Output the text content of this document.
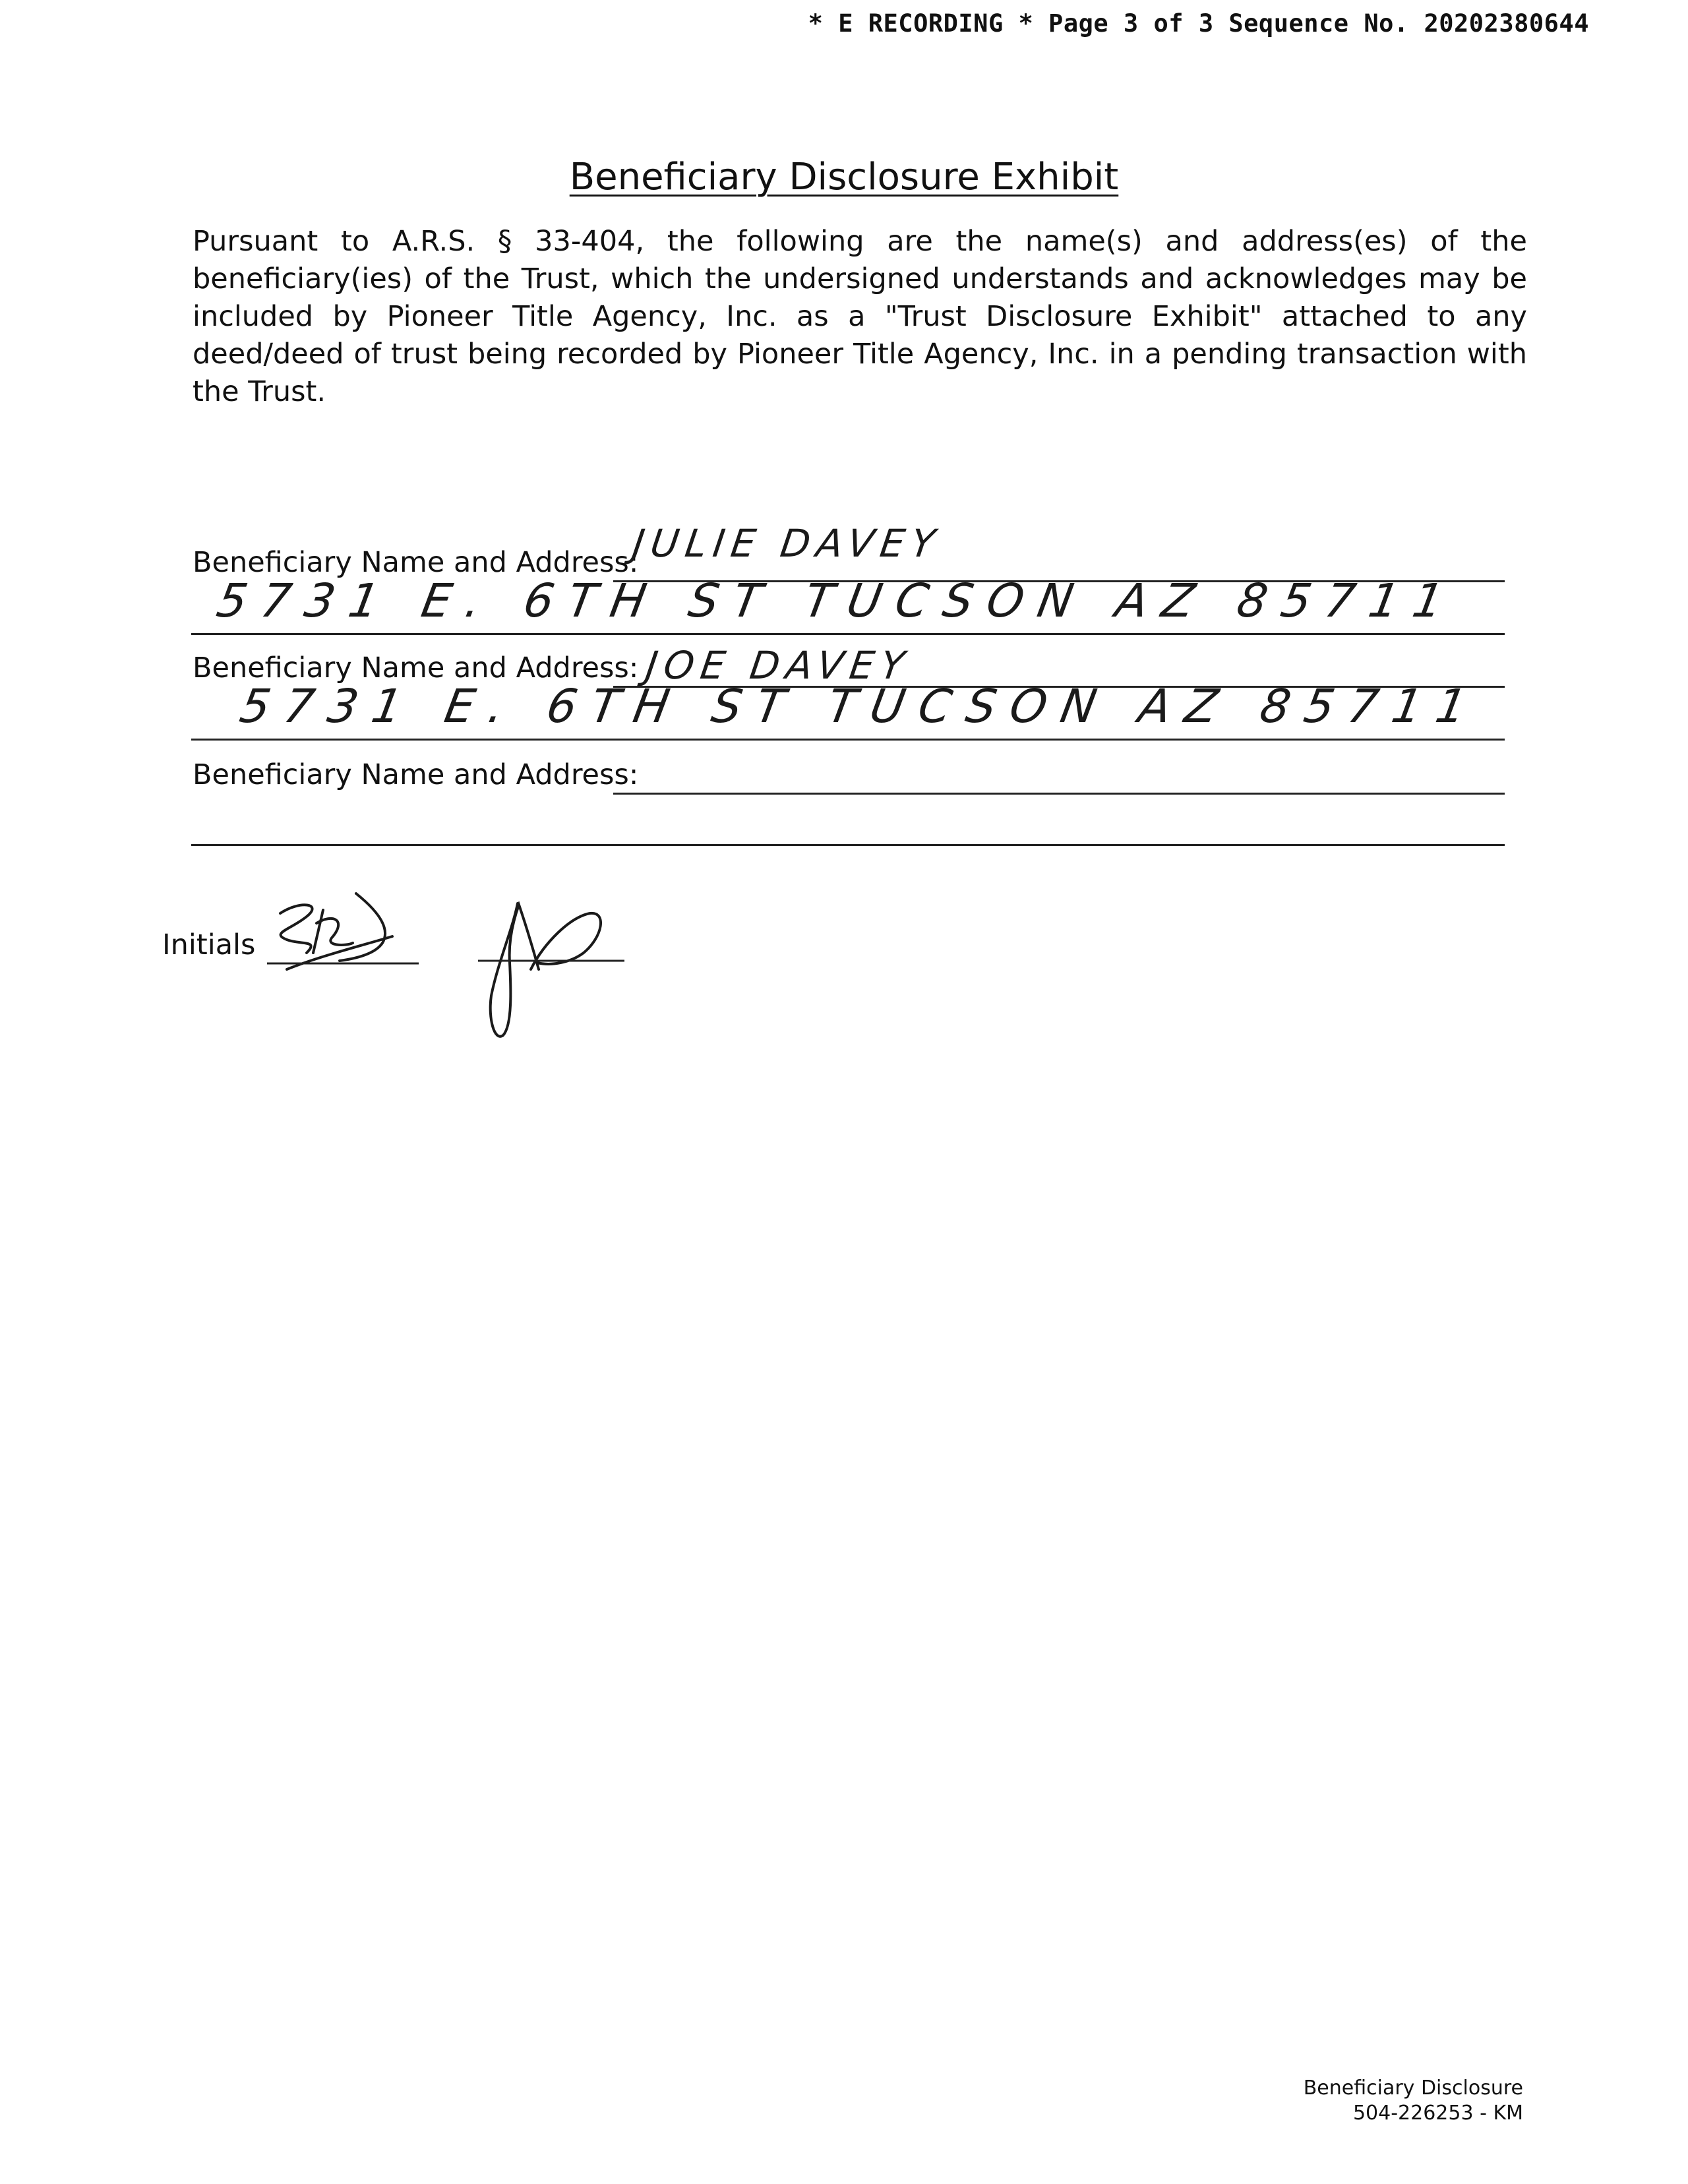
* E RECORDING * Page 3 of 3 Sequence No. 20202380644
Beneficiary Disclosure Exhibit
Pursuant to A.R.S. § 33-404, the following are the name(s) and address(es) of the beneficiary(ies) of the Trust, which the undersigned understands and acknowledges may be included by Pioneer Title Agency, Inc. as a "Trust Disclosure Exhibit" attached to any deed/deed of trust being recorded by Pioneer Title Agency, Inc. in a pending transaction with the Trust.
Beneficiary Name and Address:
JULIE DAVEY
5731 E. 6TH ST TUCSON AZ 85711
Beneficiary Name and Address: JOE DAVEY
5731 E. 6TH ST TUCSON AZ 85711
Beneficiary Name and Address:
Initials
Beneficiary Disclosure
504-226253 - KM
